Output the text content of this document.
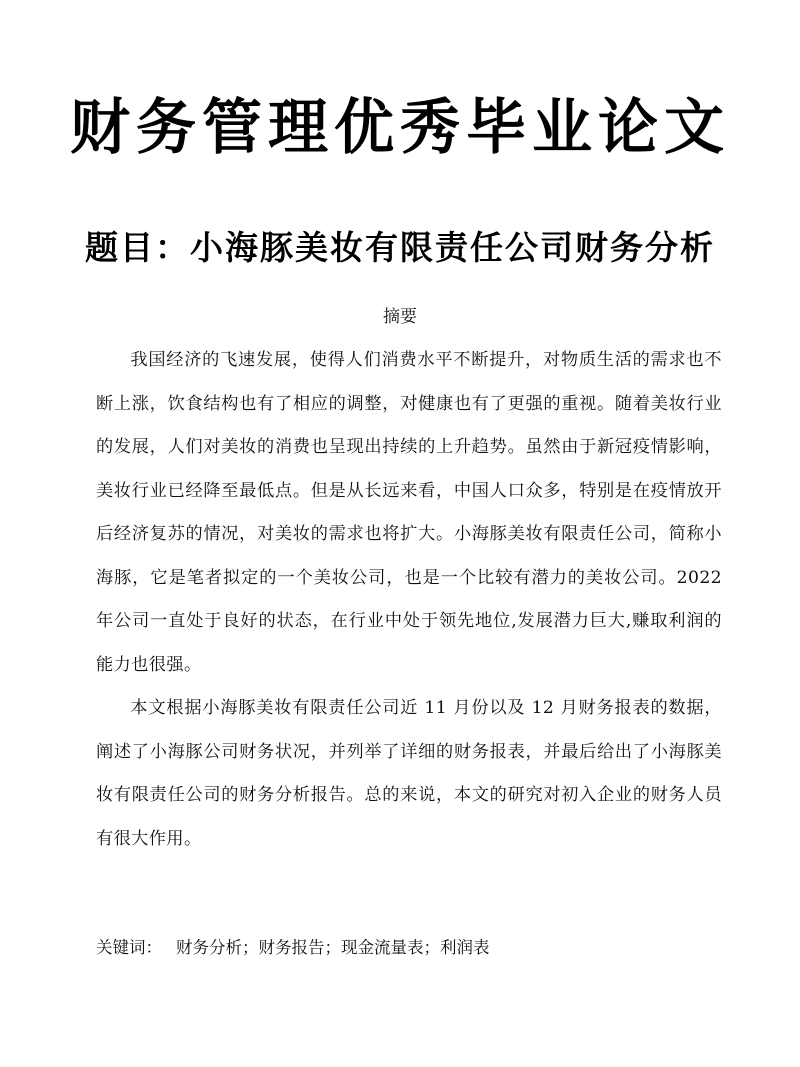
财务管理优秀毕业论文
题目：小海豚美妆有限责任公司财务分析
摘要

我国经济的飞速发展，使得人们消费水平不断提升，对物质生活的需求也不断上涨，饮食结构也有了相应的调整，对健康也有了更强的重视。随着美妆行业的发展，人们对美妆的消费也呈现出持续的上升趋势。虽然由于新冠疫情影响，美妆行业已经降至最低点。但是从长远来看，中国人口众多，特别是在疫情放开后经济复苏的情况，对美妆的需求也将扩大。小海豚美妆有限责任公司，简称小海豚，它是笔者拟定的一个美妆公司，也是一个比较有潜力的美妆公司。2022 年公司一直处于良好的状态，在行业中处于领先地位,发展潜力巨大,赚取利润的能力也很强。

本文根据小海豚美妆有限责任公司近 11 月份以及 12 月财务报表的数据，阐述了小海豚公司财务状况，并列举了详细的财务报表，并最后给出了小海豚美妆有限责任公司的财务分析报告。总的来说，本文的研究对初入企业的财务人员有很大作用。

关键词： 财务分析；财务报告；现金流量表；利润表
